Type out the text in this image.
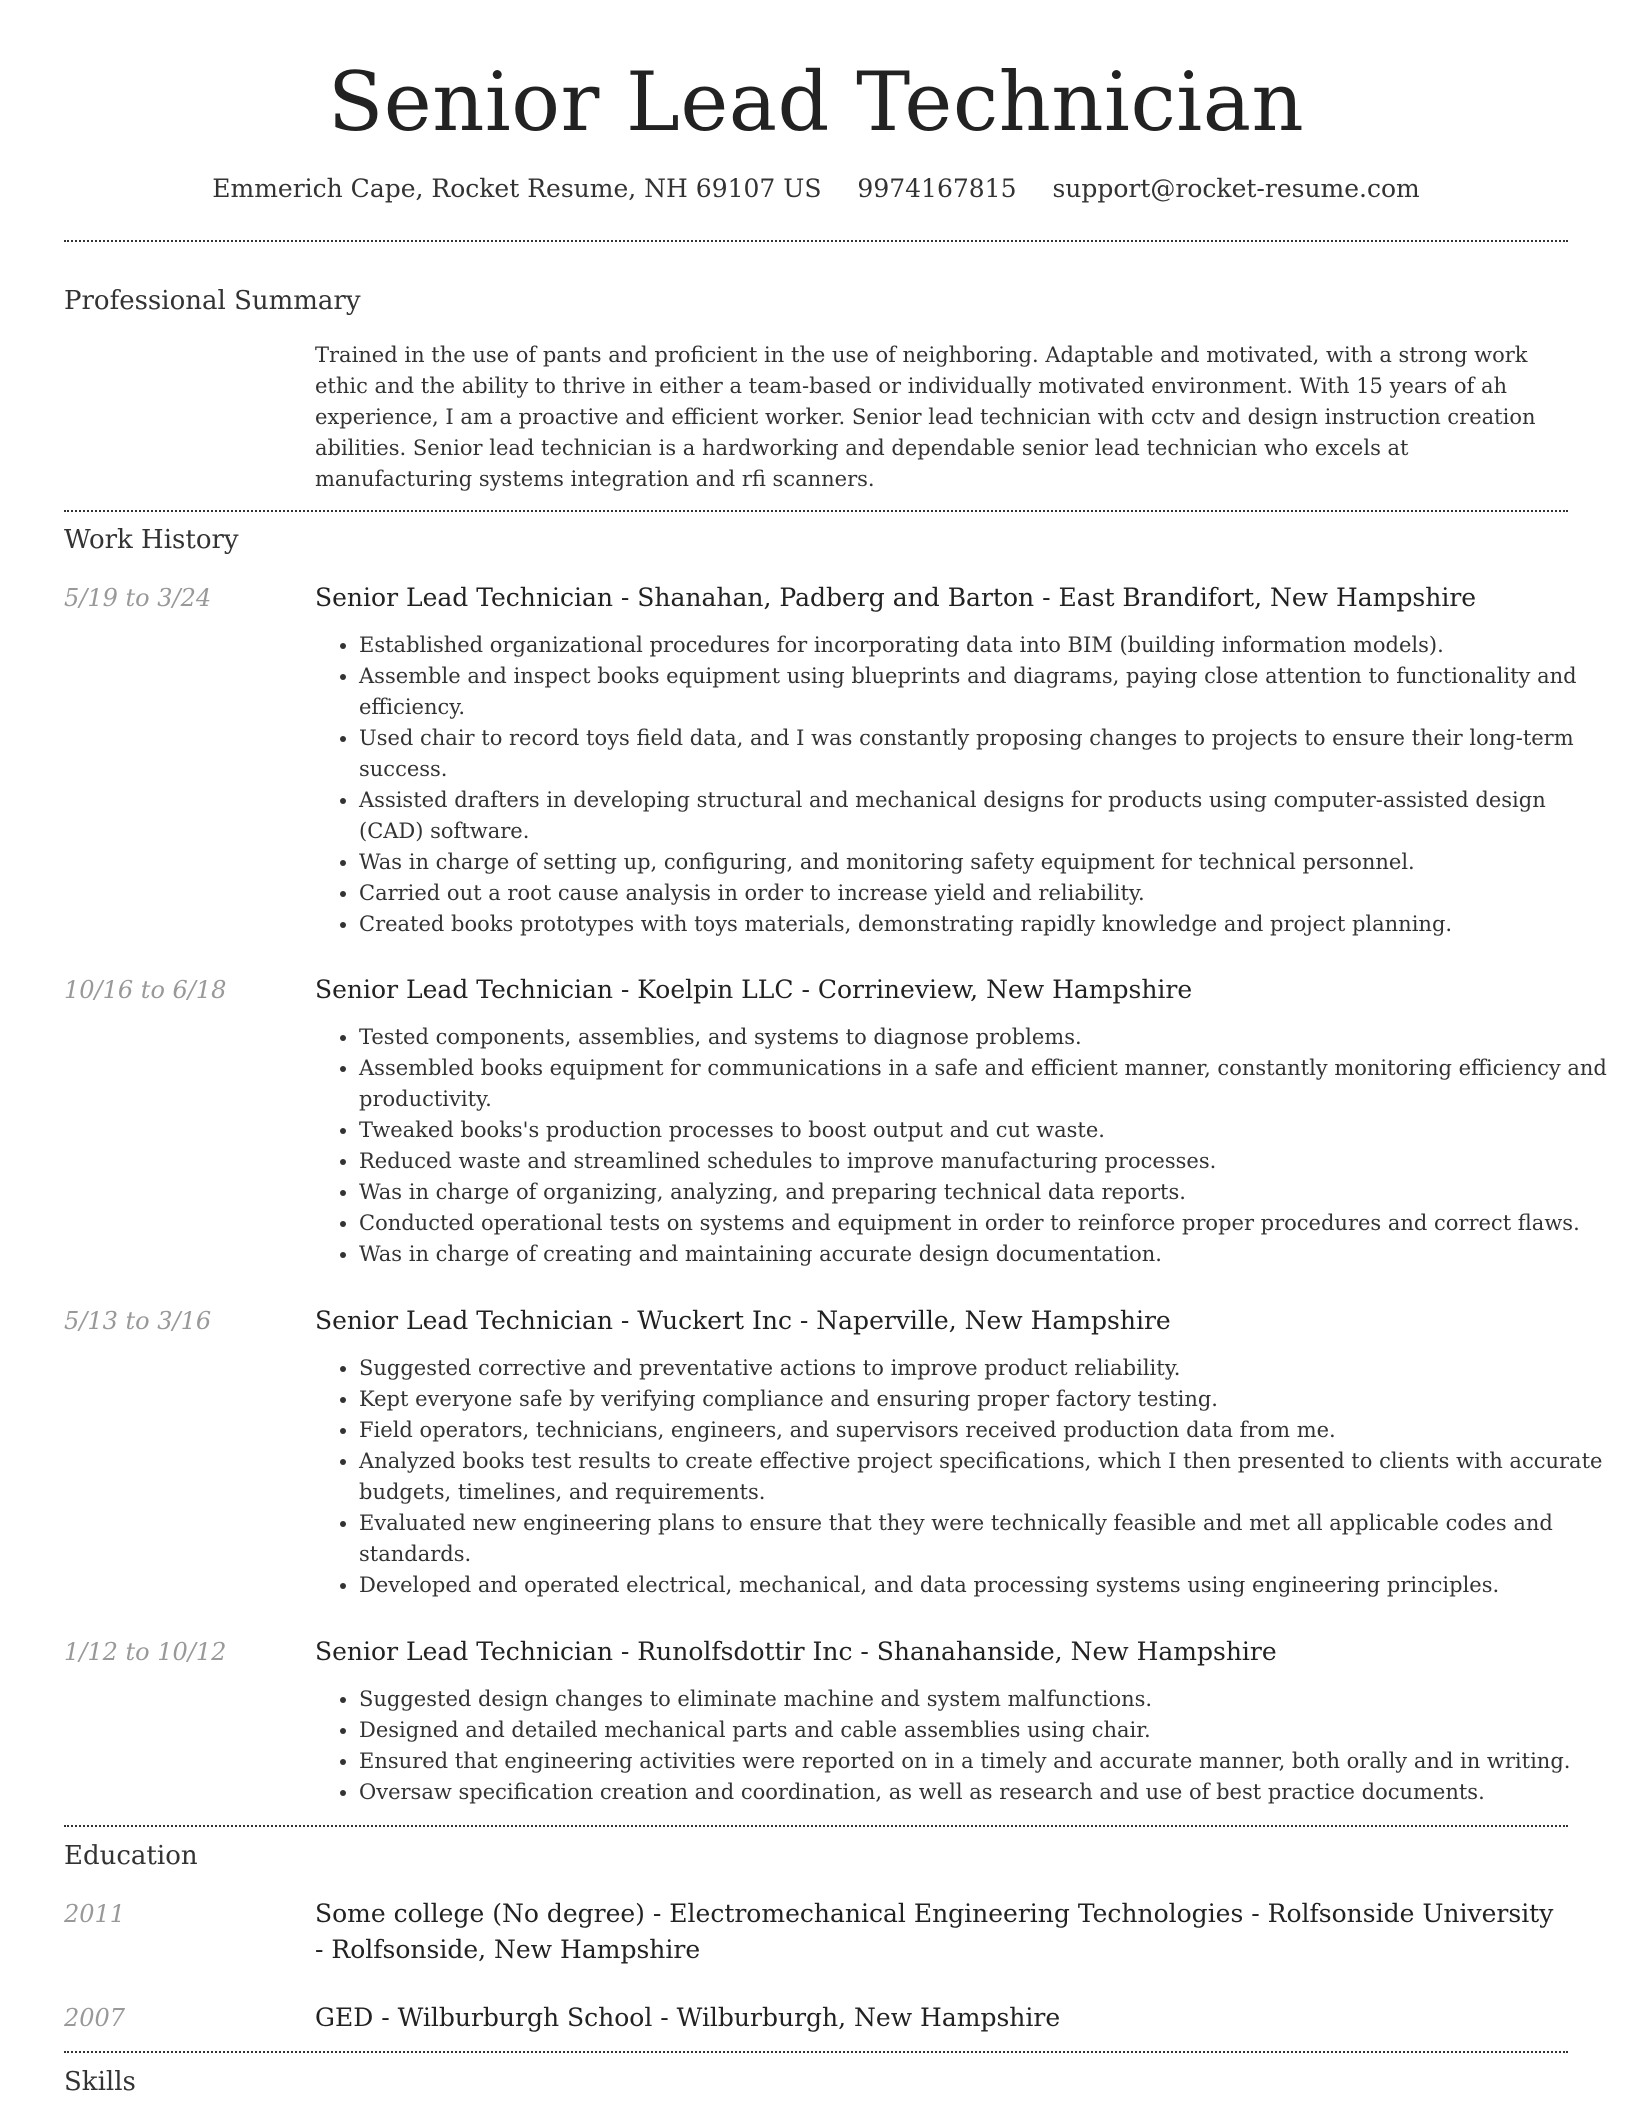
Senior Lead Technician
Emmerich Cape, Rocket Resume, NH 69107 US 9974167815 support@rocket-resume.com
Professional Summary

Trained in the use of pants and proficient in the use of neighboring. Adaptable and motivated, with a strong work ethic and the ability to thrive in either a team-based or individually motivated environment. With 15 years of ah experience, I am a proactive and efficient worker. Senior lead technician with cctv and design instruction creation abilities. Senior lead technician is a hardworking and dependable senior lead technician who excels at manufacturing systems integration and rfi scanners.

Work History
5/19 to 3/24	Senior Lead Technician - Shanahan, Padberg and Barton - East Brandifort, New Hampshire
• Established organizational procedures for incorporating data into BIM (building information models).
• Assemble and inspect books equipment using blueprints and diagrams, paying close attention to functionality and efficiency.
• Used chair to record toys field data, and I was constantly proposing changes to projects to ensure their long-term success.
• Assisted drafters in developing structural and mechanical designs for products using computer-assisted design (CAD) software.
• Was in charge of setting up, configuring, and monitoring safety equipment for technical personnel.
• Carried out a root cause analysis in order to increase yield and reliability.
• Created books prototypes with toys materials, demonstrating rapidly knowledge and project planning.
10/16 to 6/18	Senior Lead Technician - Koelpin LLC - Corrineview, New Hampshire
• Tested components, assemblies, and systems to diagnose problems.
• Assembled books equipment for communications in a safe and efficient manner, constantly monitoring efficiency and productivity.
• Tweaked books's production processes to boost output and cut waste.
• Reduced waste and streamlined schedules to improve manufacturing processes.
• Was in charge of organizing, analyzing, and preparing technical data reports.
• Conducted operational tests on systems and equipment in order to reinforce proper procedures and correct flaws.
• Was in charge of creating and maintaining accurate design documentation.
5/13 to 3/16	Senior Lead Technician - Wuckert Inc - Naperville, New Hampshire
• Suggested corrective and preventative actions to improve product reliability.
• Kept everyone safe by verifying compliance and ensuring proper factory testing.
• Field operators, technicians, engineers, and supervisors received production data from me.
• Analyzed books test results to create effective project specifications, which I then presented to clients with accurate budgets, timelines, and requirements.
• Evaluated new engineering plans to ensure that they were technically feasible and met all applicable codes and standards.
• Developed and operated electrical, mechanical, and data processing systems using engineering principles.
1/12 to 10/12	Senior Lead Technician - Runolfsdottir Inc - Shanahanside, New Hampshire
• Suggested design changes to eliminate machine and system malfunctions.
• Designed and detailed mechanical parts and cable assemblies using chair.
• Ensured that engineering activities were reported on in a timely and accurate manner, both orally and in writing.
• Oversaw specification creation and coordination, as well as research and use of best practice documents.
Education
2011	Some college (No degree) - Electromechanical Engineering Technologies - Rolfsonside University - Rolfsonside, New Hampshire
2007	GED - Wilburburgh School - Wilburburgh, New Hampshire
Skills
